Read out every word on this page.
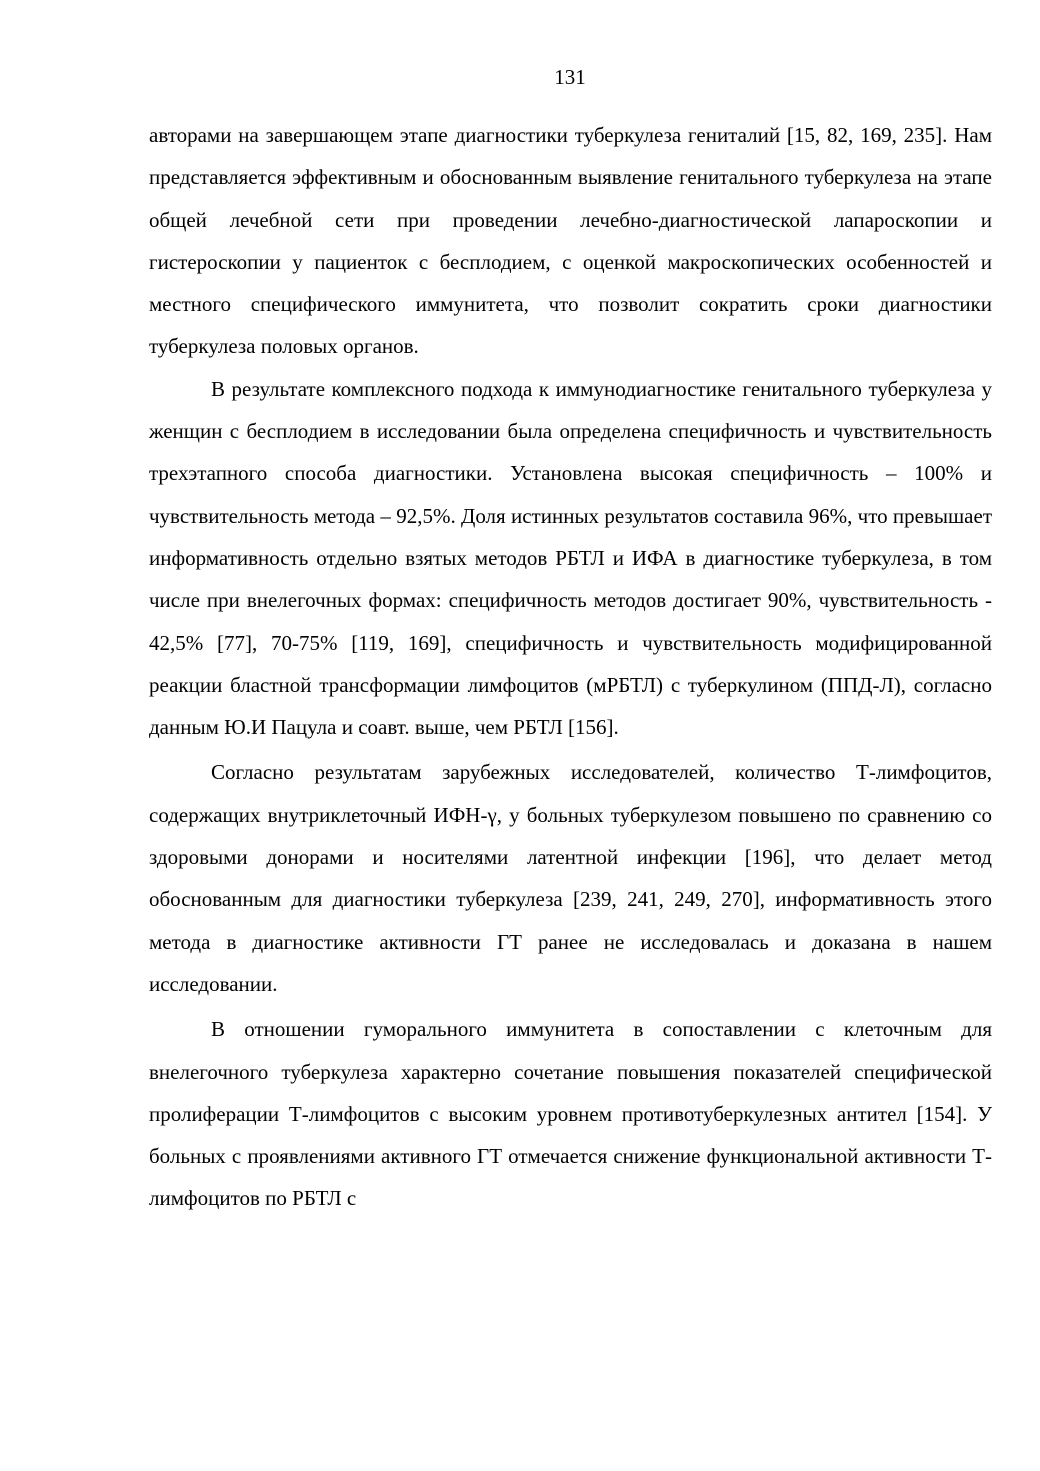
131

авторами на завершающем этапе диагностики туберкулеза гениталий [15, 82, 169, 235]. Нам представляется эффективным и обоснованным выявление генитального туберкулеза на этапе общей лечебной сети при проведении лечебно-диагностической лапароскопии и гистероскопии у пациенток с бесплодием, с оценкой макроскопических особенностей и местного специфического иммунитета, что позволит сократить сроки диагностики туберкулеза половых органов.

В результате комплексного подхода к иммунодиагностике генитального туберкулеза у женщин с бесплодием в исследовании была определена специфичность и чувствительность трехэтапного способа диагностики. Установлена высокая специфичность – 100% и чувствительность метода – 92,5%. Доля истинных результатов составила 96%, что превышает информативность отдельно взятых методов РБТЛ и ИФА в диагностике туберкулеза, в том числе при внелегочных формах: специфичность методов достигает 90%, чувствительность - 42,5% [77], 70-75% [119, 169], специфичность и чувствительность модифицированной реакции бластной трансформации лимфоцитов (мРБТЛ) с туберкулином (ППД-Л), согласно данным Ю.И Пацула и соавт. выше, чем РБТЛ [156].

Согласно результатам зарубежных исследователей, количество Т-лимфоцитов, содержащих внутриклеточный ИФН-γ, у больных туберкулезом повышено по сравнению со здоровыми донорами и носителями латентной инфекции [196], что делает метод обоснованным для диагностики туберкулеза [239, 241, 249, 270], информативность этого метода в диагностике активности ГТ ранее не исследовалась и доказана в нашем исследовании.

В отношении гуморального иммунитета в сопоставлении с клеточным для внелегочного туберкулеза характерно сочетание повышения показателей специфической пролиферации Т-лимфоцитов с высоким уровнем противотуберкулезных антител [154]. У больных с проявлениями активного ГТ отмечается снижение функциональной активности Т-лимфоцитов по РБТЛ с
